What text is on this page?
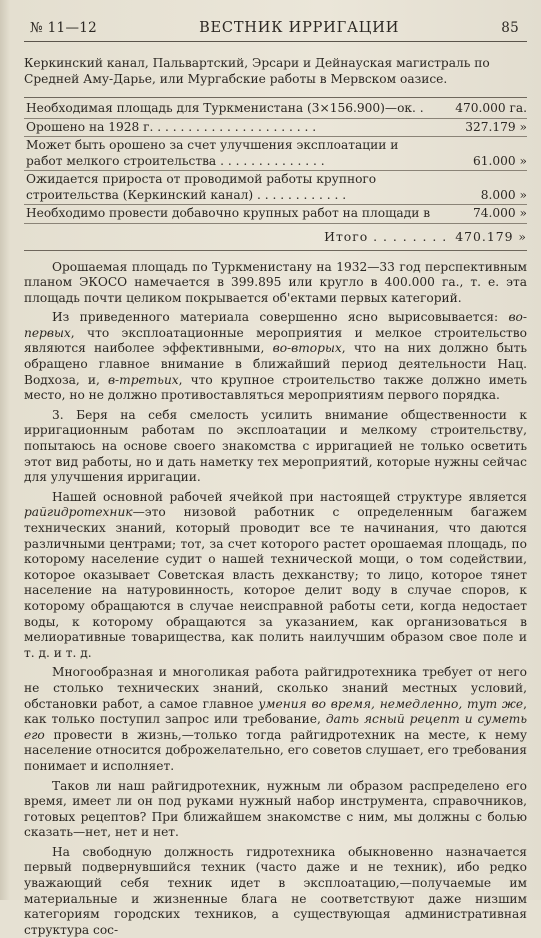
№ 11—12	ВЕСТНИК ИРРИГАЦИИ	85

Керкинский канал, Пальвартский, Эрсари и Дейнауская магистраль по Средней Аму-Дарье, или Мургабские работы в Мервском оазисе.

Необходимая площадь для Туркменистана (3×156.900)—ок. .	470.000 га.
Орошено на 1928 г. . . . . . . . . . . . . . . . . . . . . .	327.179 »
Может быть орошено за счет улучшения эксплоатации и работ мелкого строительства . . . . . . . . . . . . . .	61.000 »
Ожидается прироста от проводимой работы крупного строительства (Керкинский канал) . . . . . . . . . . . .	8.000 »
Необходимо провести добавочно крупных работ на площади в	74.000 »
Итого . . . . . . . . 470.179 »

Орошаемая площадь по Туркменистану на 1932—33 год перспективным планом ЭКОСО намечается в 399.895 или кругло в 400.000 га., т. е. эта площадь почти целиком покрывается об'ектами первых категорий.

Из приведенного материала совершенно ясно вырисовывается: во-первых, что эксплоатационные мероприятия и мелкое строительство являются наиболее эффективными, во-вторых, что на них должно быть обращено главное внимание в ближайший период деятельности Нац. Водхоза, и, в-третьих, что крупное строительство также должно иметь место, но не должно противоставляться мероприятиям первого порядка.

3. Беря на себя смелость усилить внимание общественности к ирригационным работам по эксплоатации и мелкому строительству, попытаюсь на основе своего знакомства с ирригацией не только осветить этот вид работы, но и дать наметку тех мероприятий, которые нужны сейчас для улучшения ирригации.

Нашей основной рабочей ячейкой при настоящей структуре является райгидротехник—это низовой работник с определенным багажем технических знаний, который проводит все те начинания, что даются различными центрами; тот, за счет которого растет орошаемая площадь, по которому население судит о нашей технической мощи, о том содействии, которое оказывает Советская власть дехканству; то лицо, которое тянет население на натуровинность, которое делит воду в случае споров, к которому обращаются в случае неисправной работы сети, когда недостает воды, к которому обращаются за указанием, как организоваться в мелиоративные товарищества, как полить наилучшим образом свое поле и т. д. и т. д.

Многообразная и многоликая работа райгидротехника требует от него не столько технических знаний, сколько знаний местных условий, обстановки работ, а самое главное умения во время, немедленно, тут же, как только поступил запрос или требование, дать ясный рецепт и суметь его провести в жизнь,—только тогда райгидротехник на месте, к нему население относится доброжелательно, его советов слушает, его требования понимает и исполняет.

Таков ли наш райгидротехник, нужным ли образом распределено его время, имеет ли он под руками нужный набор инструмента, справочников, готовых рецептов? При ближайшем знакомстве с ним, мы должны с болью сказать—нет, нет и нет.

На свободную должность гидротехника обыкновенно назначается первый подвернувшийся техник (часто даже и не техник), ибо редко уважающий себя техник идет в эксплоатацию,—получаемые им материальные и жизненные блага не соответствуют даже низшим категориям городских техников, а существующая административная структура сос-
